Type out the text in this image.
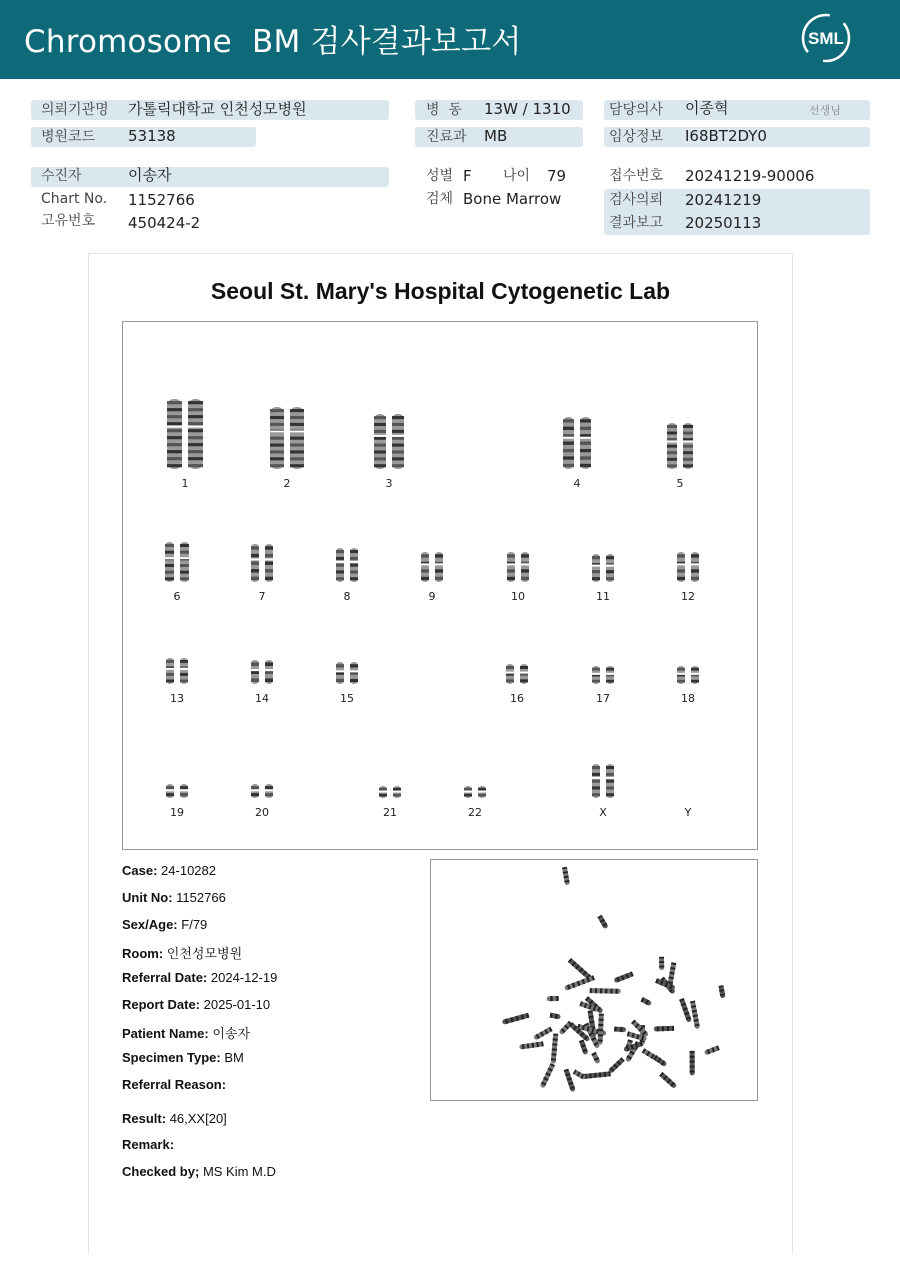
Chromosome  BM 검사결과보고서	SML
의뢰기관명 가톨릭대학교 인천성모병원	병  동 13W / 1310	담당의사 이종혁	선생님
병원코드 53138	진료과 MB	임상정보 I68BT2DY0
수진자	이송자	성별 F 나이 79	접수번호 20241219-90006
Chart No. 1152766	검체 Bone Marrow	검사의뢰 20241219
고유번호 450424-2	결과보고 20250113
Seoul St. Mary's Hospital Cytogenetic Lab
1	2	3	4	5
6	7	8	9	10	11	12
13	14	15	16	17	18
19	20	21	22	X	Y
Case: 24-10282
Unit No: 1152766
Sex/Age: F/79
Room: 인천성모병원
Referral Date: 2024-12-19
Report Date: 2025-01-10
Patient Name: 이송자
Specimen Type: BM
Referral Reason:
Result: 46,XX[20]
Remark:
Checked by; MS Kim M.D
